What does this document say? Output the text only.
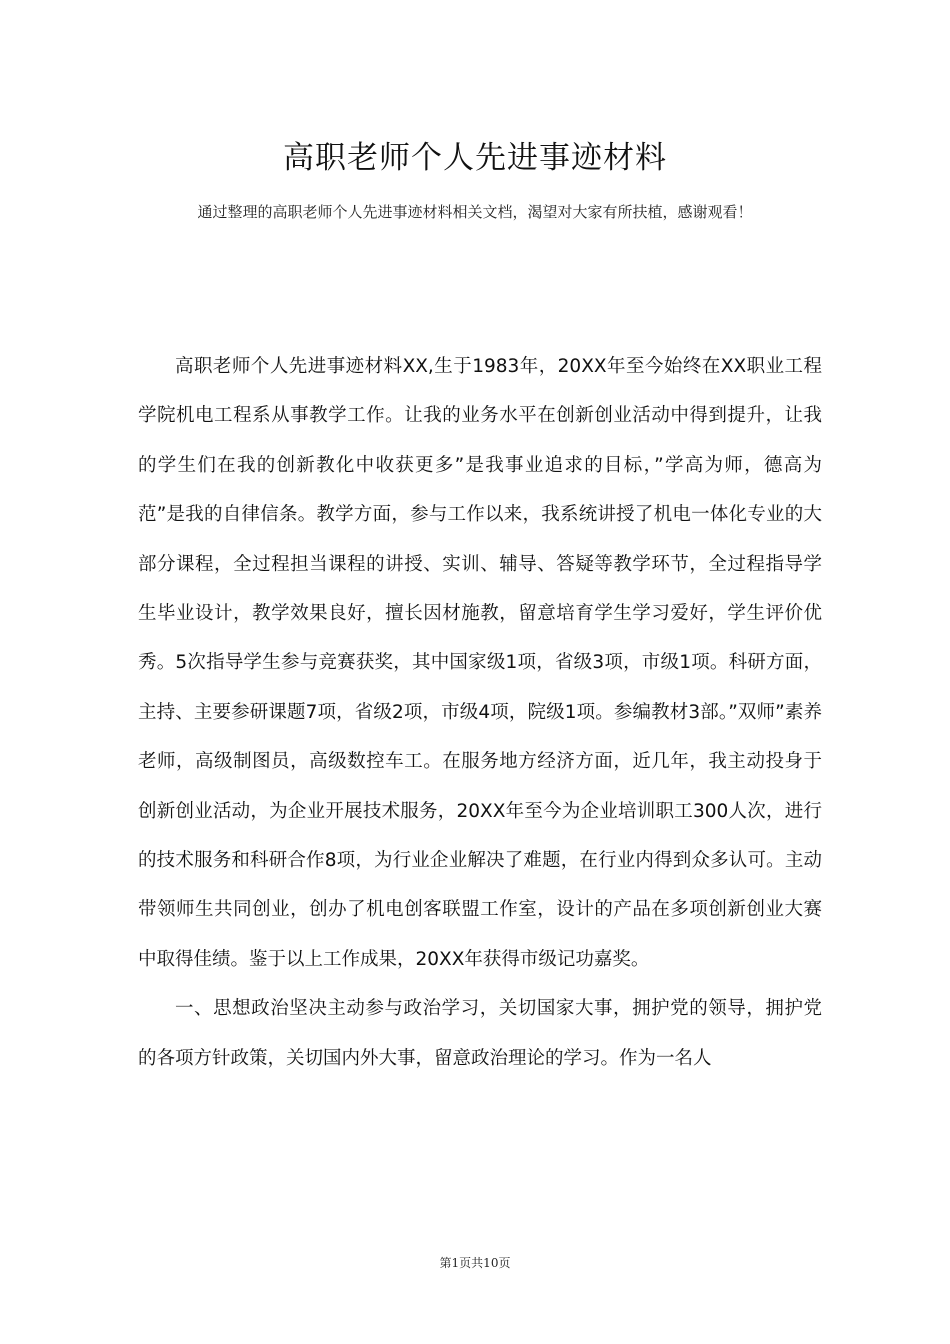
高职老师个人先进事迹材料

通过整理的高职老师个人先进事迹材料相关文档，渴望对大家有所扶植，感谢观看！

高职老师个人先进事迹材料XX,生于1983年，20XX年至今始终在XX职业工程学院机电工程系从事教学工作。让我的业务水平在创新创业活动中得到提升，让我的学生们在我的创新教化中收获更多”是我事业追求的目标，”学高为师，德高为范”是我的自律信条。教学方面，参与工作以来，我系统讲授了机电一体化专业的大部分课程，全过程担当课程的讲授、实训、辅导、答疑等教学环节，全过程指导学生毕业设计，教学效果良好，擅长因材施教，留意培育学生学习爱好，学生评价优秀。5次指导学生参与竞赛获奖，其中国家级1项，省级3项，市级1项。科研方面，主持、主要参研课题7项，省级2项，市级4项，院级1项。参编教材3部。”双师”素养老师，高级制图员，高级数控车工。在服务地方经济方面，近几年，我主动投身于创新创业活动，为企业开展技术服务，20XX年至今为企业培训职工300人次，进行的技术服务和科研合作8项，为行业企业解决了难题，在行业内得到众多认可。主动带领师生共同创业，创办了机电创客联盟工作室，设计的产品在多项创新创业大赛中取得佳绩。鉴于以上工作成果，20XX年获得市级记功嘉奖。

一、思想政治坚决主动参与政治学习，关切国家大事，拥护党的领导，拥护党的各项方针政策，关切国内外大事，留意政治理论的学习。作为一名人

第1页共10页
